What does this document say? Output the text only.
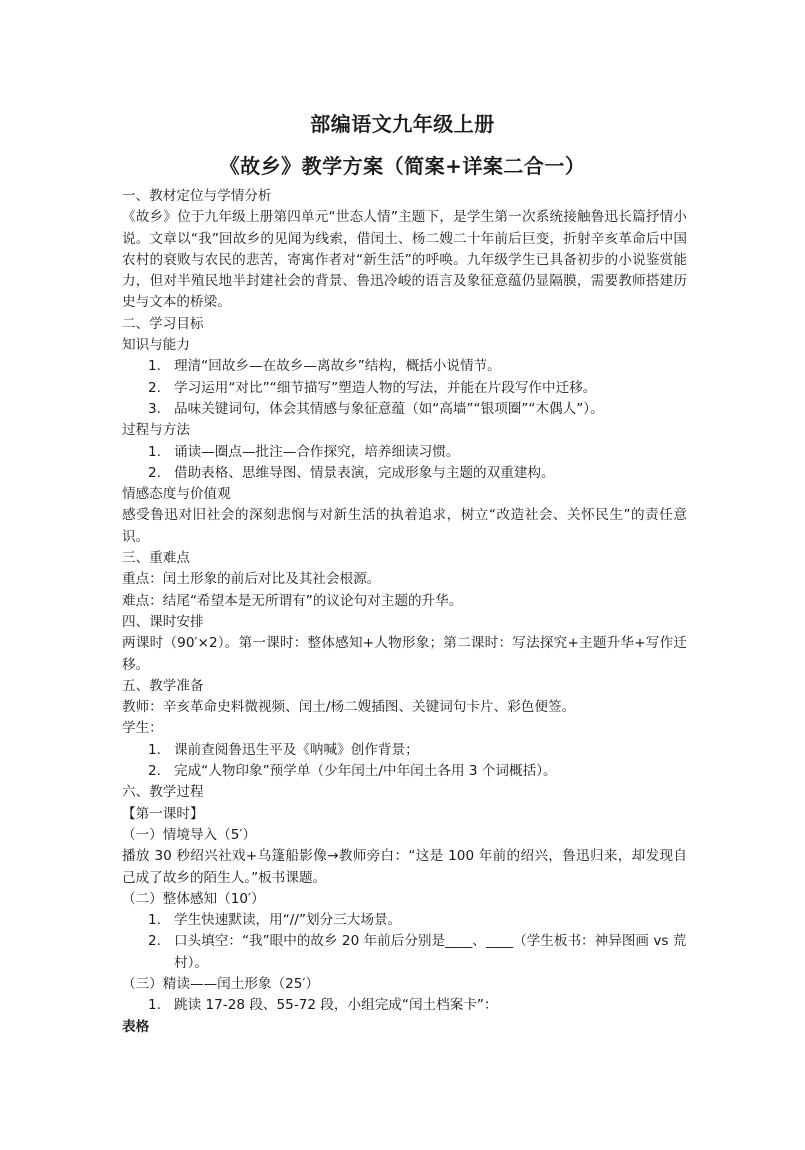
部编语文九年级上册
《故乡》教学方案（简案+详案二合一）

一、教材定位与学情分析

《故乡》位于九年级上册第四单元“世态人情”主题下，是学生第一次系统接触鲁迅长篇抒情小说。文章以“我”回故乡的见闻为线索，借闰土、杨二嫂二十年前后巨变，折射辛亥革命后中国农村的衰败与农民的悲苦，寄寓作者对“新生活”的呼唤。九年级学生已具备初步的小说鉴赏能力，但对半殖民地半封建社会的背景、鲁迅冷峻的语言及象征意蕴仍显隔膜，需要教师搭建历史与文本的桥梁。

二、学习目标

知识与能力

1. 理清“回故乡—在故乡—离故乡”结构，概括小说情节。
2. 学习运用“对比”“细节描写”塑造人物的写法，并能在片段写作中迁移。
3. 品味关键词句，体会其情感与象征意蕴（如“高墙”“银项圈”“木偶人”）。

过程与方法

1. 诵读—圈点—批注—合作探究，培养细读习惯。
2. 借助表格、思维导图、情景表演，完成形象与主题的双重建构。

情感态度与价值观

感受鲁迅对旧社会的深刻悲悯与对新生活的执着追求，树立“改造社会、关怀民生”的责任意识。

三、重难点

重点：闰土形象的前后对比及其社会根源。

难点：结尾“希望本是无所谓有”的议论句对主题的升华。

四、课时安排

两课时（90′×2）。第一课时：整体感知+人物形象；第二课时：写法探究+主题升华+写作迁移。

五、教学准备

教师：辛亥革命史料微视频、闰土/杨二嫂插图、关键词句卡片、彩色便签。

学生：

1. 课前查阅鲁迅生平及《呐喊》创作背景；
2. 完成“人物印象”预学单（少年闰土/中年闰土各用 3 个词概括）。

六、教学过程

【第一课时】

（一）情境导入（5′）

播放 30 秒绍兴社戏+乌篷船影像→教师旁白：“这是 100 年前的绍兴，鲁迅归来，却发现自己成了故乡的陌生人。”板书课题。

（二）整体感知（10′）

1. 学生快速默读，用“//”划分三大场景。
2. 口头填空：“我”眼中的故乡 20 年前后分别是____、____（学生板书：神异图画 vs 荒村）。

（三）精读——闰土形象（25′）

1. 跳读 17-28 段、55-72 段，小组完成“闰土档案卡”：

表格
